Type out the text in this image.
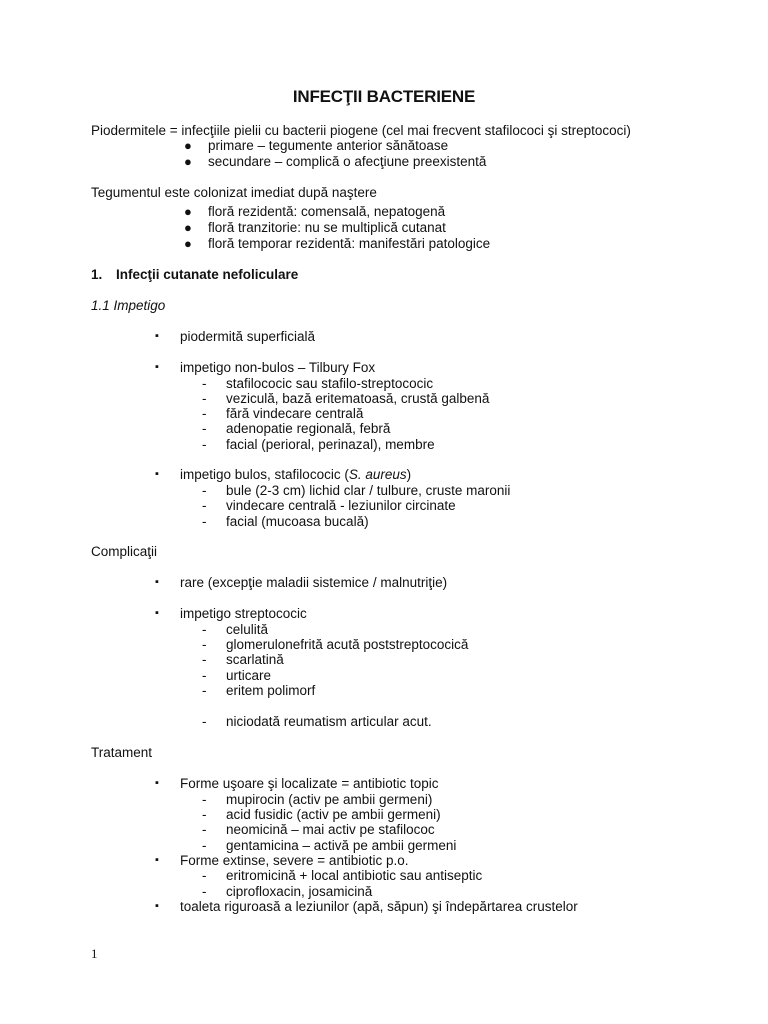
INFECŢII BACTERIENE
Piodermitele = infecţiile pielii cu bacterii piogene (cel mai frecvent stafilococi şi streptococi)
● primare – tegumente anterior sănătoase
● secundare – complică o afecţiune preexistentă
Tegumentul este colonizat imediat după naştere
● floră rezidentă: comensală, nepatogenă
● floră tranzitorie: nu se multiplică cutanat
● floră temporar rezidentă: manifestări patologice
1. Infecţii cutanate nefoliculare
1.1 Impetigo
▪ piodermită superficială
▪ impetigo non-bulos – Tilbury Fox
- stafilococic sau stafilo-streptococic
- veziculă, bază eritematoasă, crustă galbenă
- fără vindecare centrală
- adenopatie regională, febră
- facial (perioral, perinazal), membre
▪ impetigo bulos, stafilococic (S. aureus)
- bule (2-3 cm) lichid clar / tulbure, cruste maronii
- vindecare centrală - leziunilor circinate
- facial (mucoasa bucală)
Complicaţii
▪ rare (excepţie maladii sistemice / malnutriţie)
▪ impetigo streptococic
- celulită
- glomerulonefrită acută poststreptococică
- scarlatină
- urticare
- eritem polimorf
- niciodată reumatism articular acut.
Tratament
▪ Forme uşoare şi localizate = antibiotic topic
- mupirocin (activ pe ambii germeni)
- acid fusidic (activ pe ambii germeni)
- neomicină – mai activ pe stafilococ
- gentamicina – activă pe ambii germeni
▪ Forme extinse, severe = antibiotic p.o.
- eritromicină + local antibiotic sau antiseptic
- ciprofloxacin, josamicină
▪ toaleta riguroasă a leziunilor (apă, săpun) şi îndepărtarea crustelor
1
